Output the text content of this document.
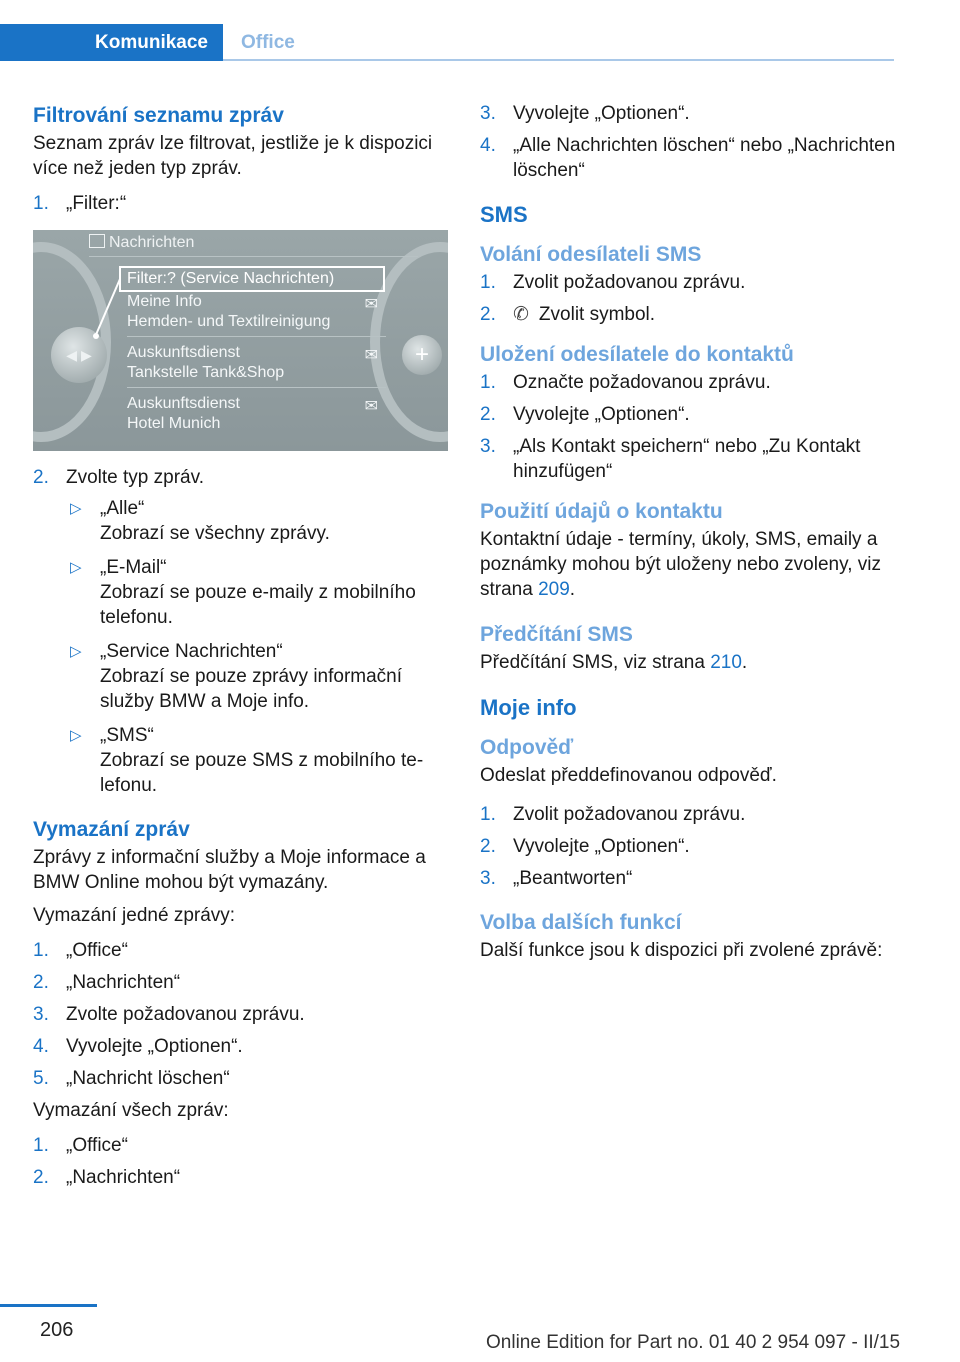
Komunikace	Office
Filtrování seznamu zpráv

Seznam zpráv lze filtrovat, jestliže je k dispozici více než jeden typ zpráv.

1. „Filter:“
◀ ▶	+
Nachrichten
Filter:? (Service Nachrichten)
Meine Info
Hemden- und Textilreinigung
✉
Auskunftsdienst
Tankstelle Tank&Shop
✉
Auskunftsdienst
Hotel Munich
✉
2. Zvolte typ zpráv.
▷ „Alle“
Zobrazí se všechny zprávy.
▷ „E-Mail“
Zobrazí se pouze e-maily z mobilního telefonu.
▷ „Service Nachrichten“
Zobrazí se pouze zprávy informační služby BMW a Moje info.
▷ „SMS“
Zobrazí se pouze SMS z mobilního te-lefonu.
Vymazání zpráv

Zprávy z informační služby a Moje informace a BMW Online mohou být vymazány.

Vymazání jedné zprávy:

1. „Office“
2. „Nachrichten“
3. Zvolte požadovanou zprávu.
4. Vyvolejte „Optionen“.
5. „Nachricht löschen“

Vymazání všech zpráv:

1. „Office“
2. „Nachrichten“
3. Vyvolejte „Optionen“.
4. „Alle Nachrichten löschen“ nebo „Nachrichten löschen“
SMS
Volání odesílateli SMS
1. Zvolit požadovanou zprávu.
2. ✆ Zvolit symbol.
Uložení odesílatele do kontaktů
1. Označte požadovanou zprávu.
2. Vyvolejte „Optionen“.
3. „Als Kontakt speichern“ nebo „Zu Kontakt hinzufügen“
Použití údajů o kontaktu

Kontaktní údaje - termíny, úkoly, SMS, emaily a poznámky mohou být uloženy nebo zvoleny, viz strana 209.

Předčítání SMS

Předčítání SMS, viz strana 210.

Moje info
Odpověď

Odeslat předdefinovanou odpověď.

1. Zvolit požadovanou zprávu.
2. Vyvolejte „Optionen“.
3. „Beantworten“
Volba dalších funkcí

Další funkce jsou k dispozici při zvolené zprávě:

206
Online Edition for Part no. 01 40 2 954 097 - II/15
